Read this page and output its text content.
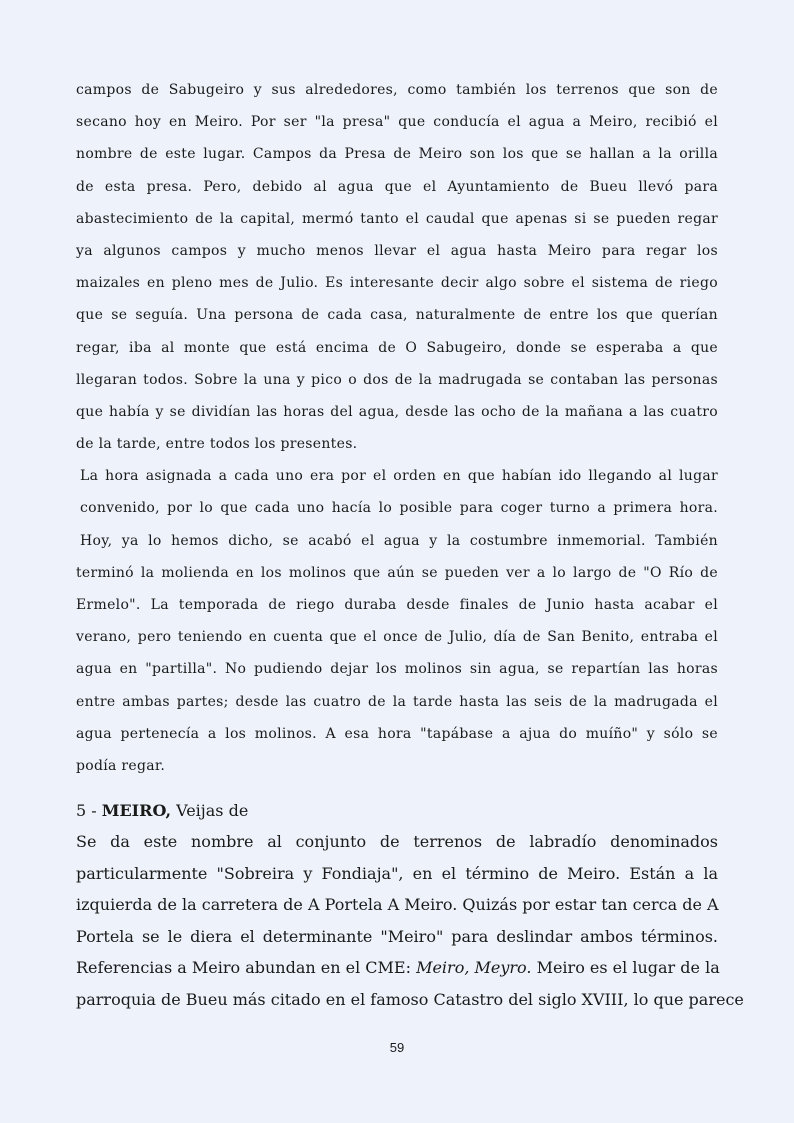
campos de Sabugeiro y sus alrededores, como también los terrenos que son de
secano hoy en Meiro. Por ser "la presa" que conducía el agua a Meiro, recibió el
nombre de este lugar. Campos da Presa de Meiro son los que se hallan a la orilla
de esta presa. Pero, debido al agua que el Ayuntamiento de Bueu llevó para
abastecimiento de la capital, mermó tanto el caudal que apenas si se pueden regar
ya algunos campos y mucho menos llevar el agua hasta Meiro para regar los
maizales en pleno mes de Julio. Es interesante decir algo sobre el sistema de riego
que se seguía. Una persona de cada casa, naturalmente de entre los que querían
regar, iba al monte que está encima de O Sabugeiro, donde se esperaba a que
llegaran todos. Sobre la una y pico o dos de la madrugada se contaban las personas
que había y se dividían las horas del agua, desde las ocho de la mañana a las cuatro
de la tarde, entre todos los presentes.
La hora asignada a cada uno era por el orden en que habían ido llegando al lugar
convenido, por lo que cada uno hacía lo posible para coger turno a primera hora.
Hoy, ya lo hemos dicho, se acabó el agua y la costumbre inmemorial. También
terminó la molienda en los molinos que aún se pueden ver a lo largo de "O Río de
Ermelo". La temporada de riego duraba desde finales de Junio hasta acabar el
verano, pero teniendo en cuenta que el once de Julio, día de San Benito, entraba el
agua en "partilla". No pudiendo dejar los molinos sin agua, se repartían las horas
entre ambas partes; desde las cuatro de la tarde hasta las seis de la madrugada el
agua pertenecía a los molinos. A esa hora "tapábase a ajua do muíño" y sólo se
podía regar.
5 - MEIRO, Veijas de
Se da este nombre al conjunto de terrenos de labradío denominados
particularmente "Sobreira y Fondiaja", en el término de Meiro. Están a la
izquierda de la carretera de A Portela A Meiro. Quizás por estar tan cerca de A
Portela se le diera el determinante "Meiro" para deslindar ambos términos.
Referencias a Meiro abundan en el CME: Meiro, Meyro. Meiro es el lugar de la
parroquia de Bueu más citado en el famoso Catastro del siglo XVIII, lo que parece
59
